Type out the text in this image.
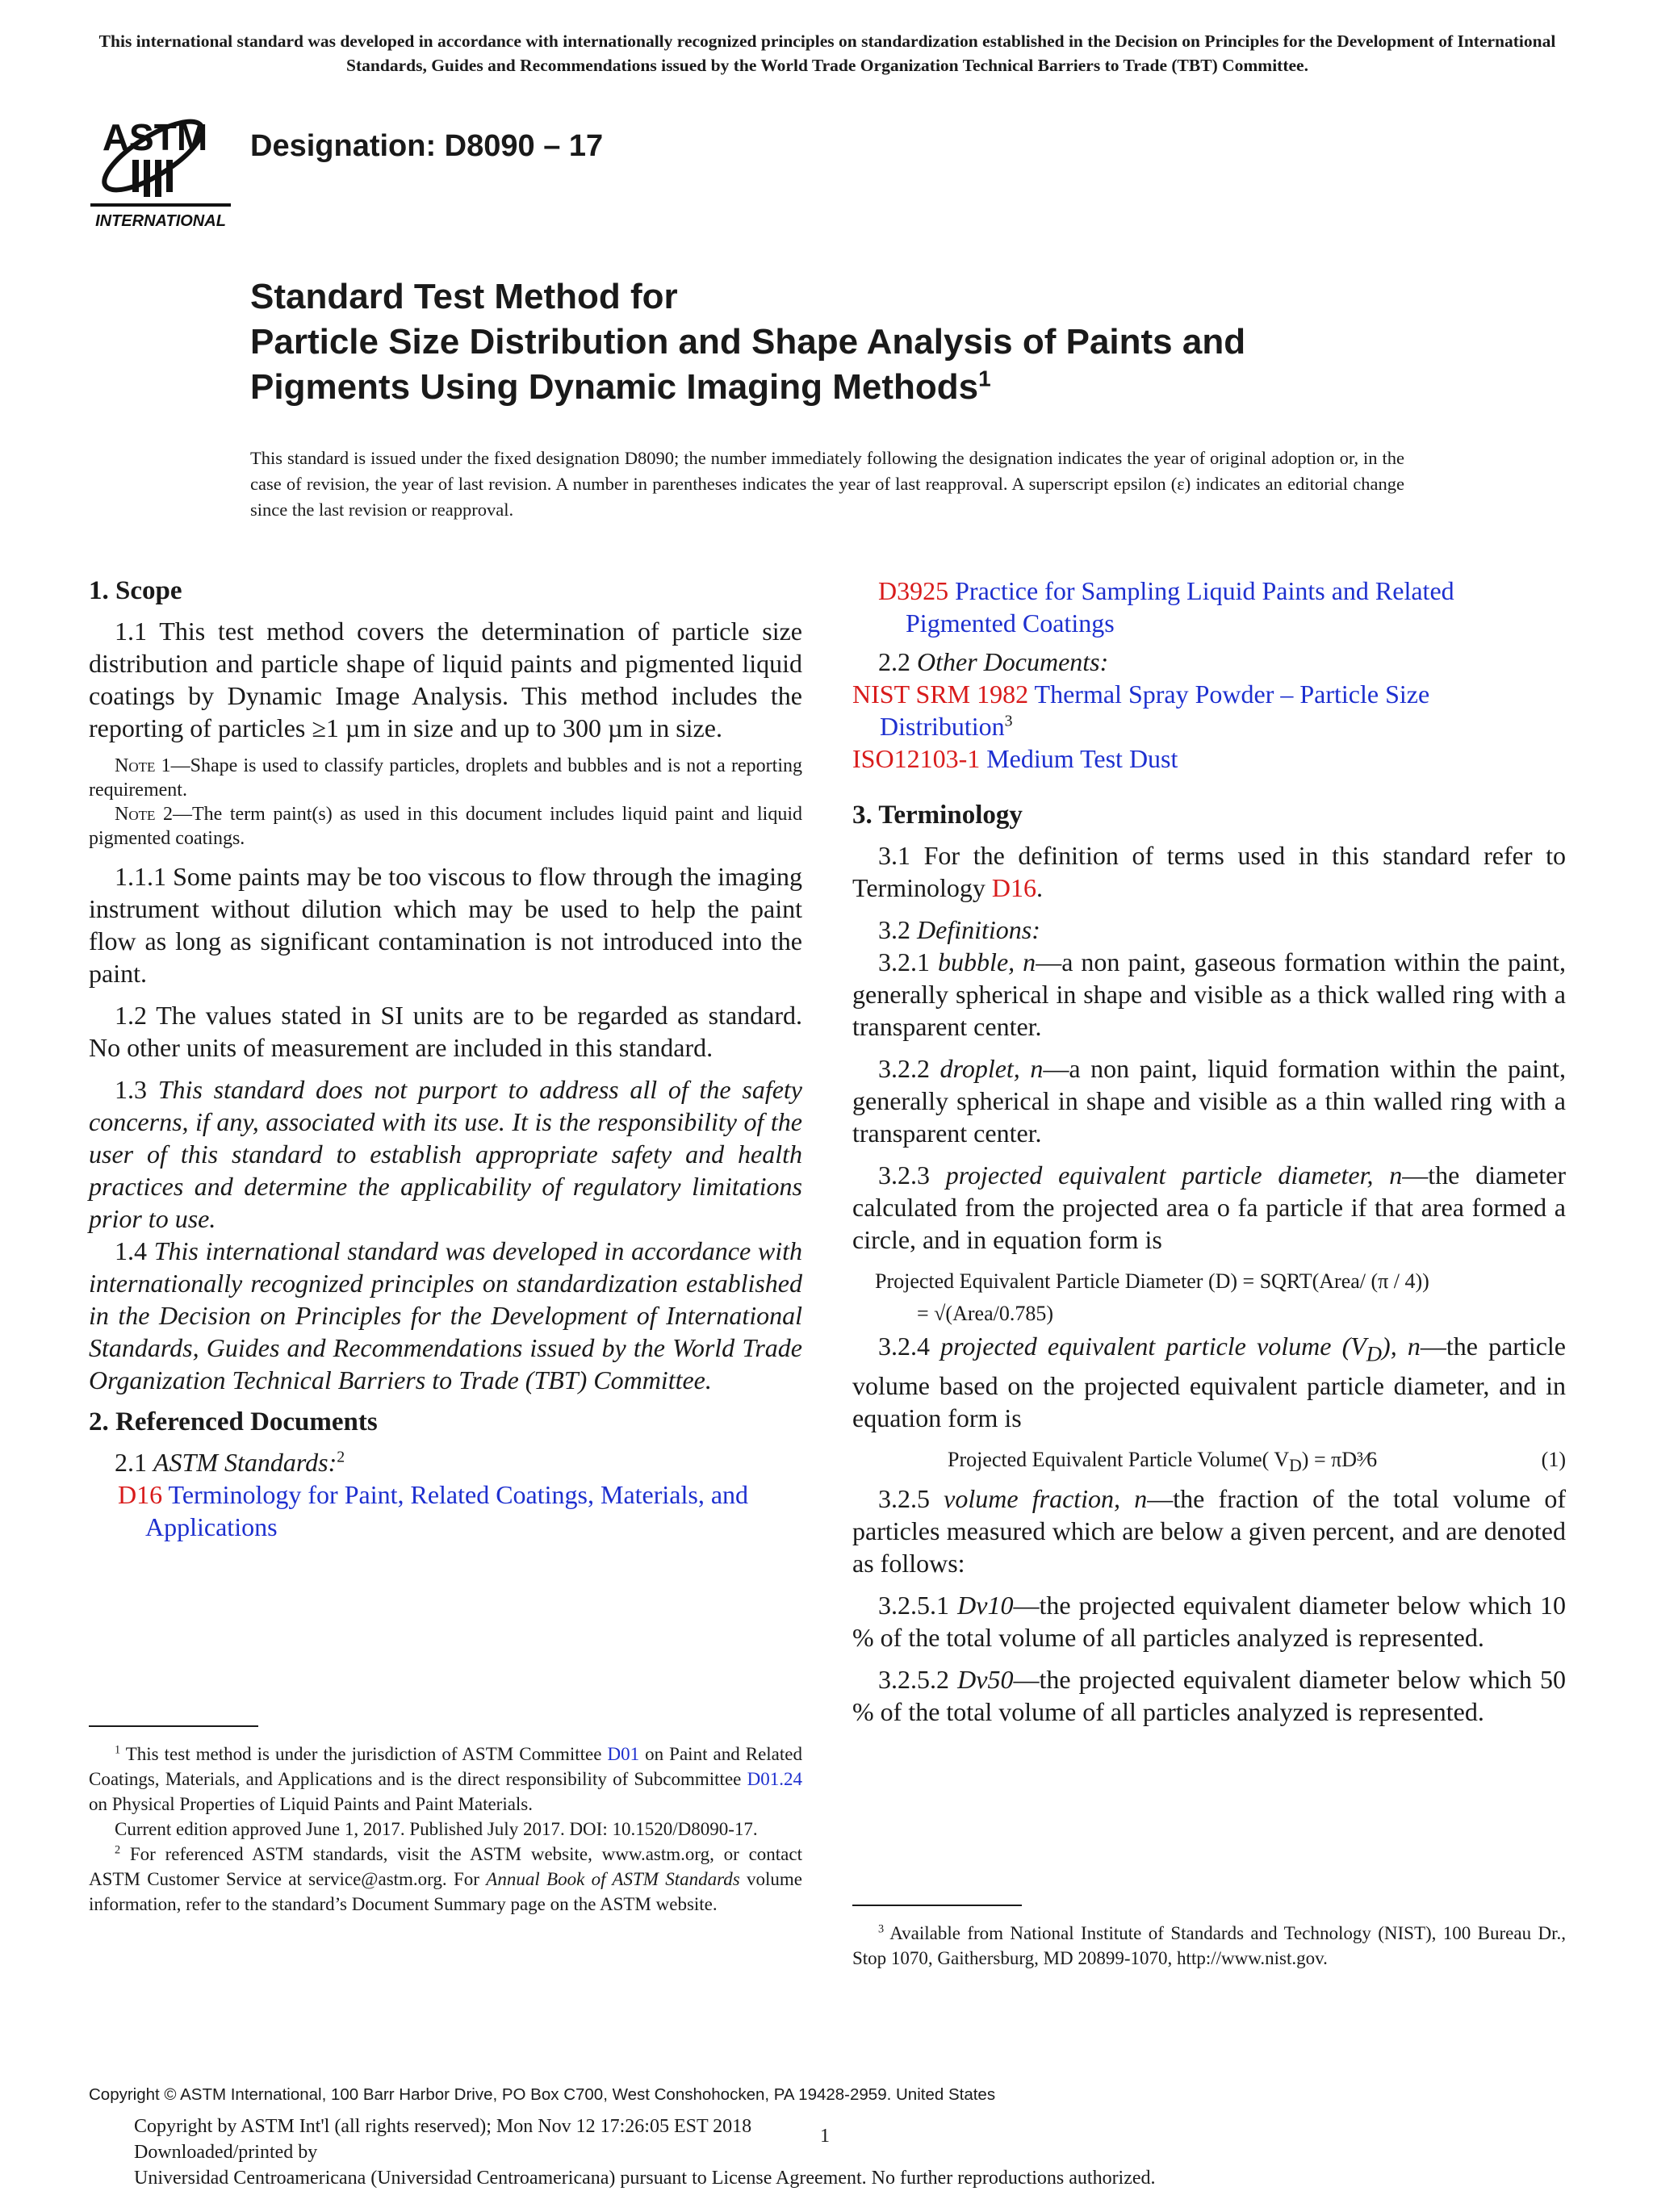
This international standard was developed in accordance with internationally recognized principles on standardization established in the Decision on Principles for the Development of International Standards, Guides and Recommendations issued by the World Trade Organization Technical Barriers to Trade (TBT) Committee.
ASTM
INTERNATIONAL
Designation: D8090 – 17
Standard Test Method for
Particle Size Distribution and Shape Analysis of Paints and
Pigments Using Dynamic Imaging Methods$^1$
This standard is issued under the fixed designation D8090; the number immediately following the designation indicates the year of original adoption or, in the case of revision, the year of last revision. A number in parentheses indicates the year of last reapproval. A superscript epsilon (ε) indicates an editorial change since the last revision or reapproval.

1. Scope

1.1 This test method covers the determination of particle size distribution and particle shape of liquid paints and pigmented liquid coatings by Dynamic Image Analysis. This method includes the reporting of particles ≥1 µm in size and up to 300 µm in size.

Note 1—Shape is used to classify particles, droplets and bubbles and is not a reporting requirement.

Note 2—The term paint(s) as used in this document includes liquid paint and liquid pigmented coatings.

1.1.1 Some paints may be too viscous to flow through the imaging instrument without dilution which may be used to help the paint flow as long as significant contamination is not introduced into the paint.

1.2 The values stated in SI units are to be regarded as standard. No other units of measurement are included in this standard.

1.3 This standard does not purport to address all of the safety concerns, if any, associated with its use. It is the responsibility of the user of this standard to establish appropriate safety and health practices and determine the applicability of regulatory limitations prior to use.

1.4 This international standard was developed in accordance with internationally recognized principles on standardization established in the Decision on Principles for the Development of International Standards, Guides and Recommendations issued by the World Trade Organization Technical Barriers to Trade (TBT) Committee.

2. Referenced Documents

2.1 ASTM Standards:$^2$

D16 Terminology for Paint, Related Coatings, Materials, and Applications

$^1$ This test method is under the jurisdiction of ASTM Committee D01 on Paint and Related Coatings, Materials, and Applications and is the direct responsibility of Subcommittee D01.24 on Physical Properties of Liquid Paints and Paint Materials.

Current edition approved June 1, 2017. Published July 2017. DOI: 10.1520/D8090-17.

$^2$ For referenced ASTM standards, visit the ASTM website, www.astm.org, or contact ASTM Customer Service at service@astm.org. For Annual Book of ASTM Standards volume information, refer to the standard’s Document Summary page on the ASTM website.

D3925 Practice for Sampling Liquid Paints and Related Pigmented Coatings

2.2 Other Documents:

NIST SRM 1982 Thermal Spray Powder – Particle Size Distribution$^3$

ISO12103-1 Medium Test Dust

3. Terminology

3.1 For the definition of terms used in this standard refer to Terminology D16.

3.2 Definitions:

3.2.1 bubble, n—a non paint, gaseous formation within the paint, generally spherical in shape and visible as a thick walled ring with a transparent center.

3.2.2 droplet, n—a non paint, liquid formation within the paint, generally spherical in shape and visible as a thin walled ring with a transparent center.

3.2.3 projected equivalent particle diameter, n—the diameter calculated from the projected area o fa particle if that area formed a circle, and in equation form is

Projected Equivalent Particle Diameter (D) = SQRT(Area/ (π / 4))

= √(Area/0.785)

3.2.4 projected equivalent particle volume $(V_D)$, n—the particle volume based on the projected equivalent particle diameter, and in equation form is

Projected Equivalent Particle Volume( $V_D$) = πD³⁄6	(1)

3.2.5 volume fraction, n—the fraction of the total volume of particles measured which are below a given percent, and are denoted as follows:

3.2.5.1 Dv10—the projected equivalent diameter below which 10 % of the total volume of all particles analyzed is represented.

3.2.5.2 Dv50—the projected equivalent diameter below which 50 % of the total volume of all particles analyzed is represented.

$^3$ Available from National Institute of Standards and Technology (NIST), 100 Bureau Dr., Stop 1070, Gaithersburg, MD 20899-1070, http://www.nist.gov.

Copyright © ASTM International, 100 Barr Harbor Drive, PO Box C700, West Conshohocken, PA 19428-2959. United States
Copyright by ASTM Int'l (all rights reserved); Mon Nov 12 17:26:05 EST 2018	1
Downloaded/printed by
Universidad Centroamericana (Universidad Centroamericana) pursuant to License Agreement. No further reproductions authorized.
